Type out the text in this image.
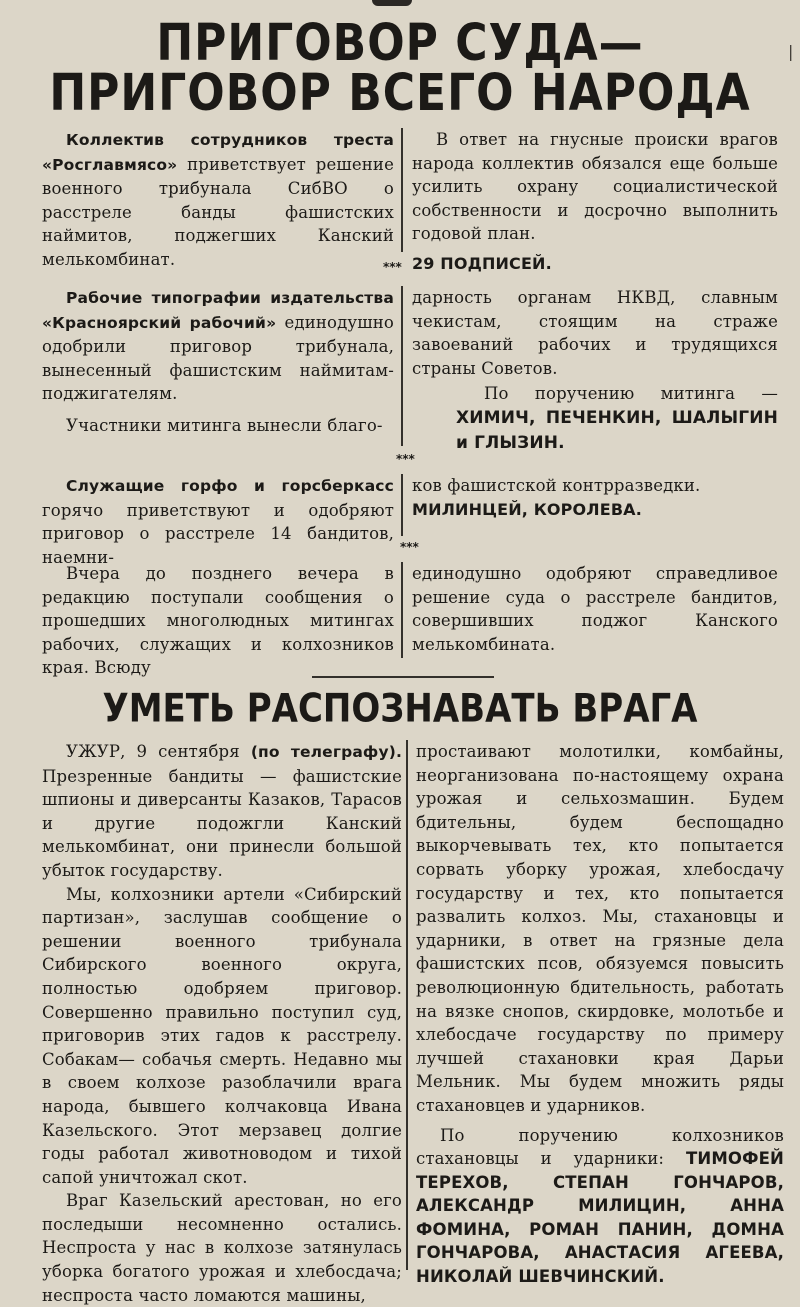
ПРИГОВОР СУДА—
ПРИГОВОР ВСЕГО НАРОДА

Коллектив сотрудников треста «Росглавмясо» приветствует решение военного трибунала СибВО о расстреле банды фашистских наймитов, поджегших Канский мелькомбинат.

В ответ на гнусные происки врагов народа коллектив обязался еще больше усилить охрану социалистической собственности и досрочно выполнить годовой план.

29 ПОДПИСЕЙ.

***

Рабочие типографии издательства «Красноярский рабочий» единодушно одобрили приговор трибунала, вынесенный фашистским наймитам-поджигателям.

Участники митинга вынесли благо-

дарность органам НКВД, славным чекистам, стоящим на страже завоеваний рабочих и трудящихся страны Советов.

По поручению митинга — ХИМИЧ, ПЕЧЕНКИН, ШАЛЫГИН и ГЛЫЗИН.

***

Служащие горфо и горсберкасс горячо приветствуют и одобряют приговор о расстреле 14 бандитов, наемни-

ков фашистской контрразведки.

МИЛИНЦЕЙ, КОРОЛЕВА.

***

Вчера до позднего вечера в редакцию поступали сообщения о прошедших многолюдных митингах рабочих, служащих и колхозников края. Всюду

единодушно одобряют справедливое решение суда о расстреле бандитов, совершивших поджог Канского мелькомбината.

УМЕТЬ РАСПОЗНАВАТЬ ВРАГА

УЖУР, 9 сентября (по телеграфу). Презренные бандиты — фашистские шпионы и диверсанты Казаков, Тарасов и другие подожгли Канский мелькомбинат, они принесли большой убыток государству.

Мы, колхозники артели «Сибирский партизан», заслушав сообщение о решении военного трибунала Сибирского военного округа, полностью одобряем приговор. Совершенно правильно поступил суд, приговорив этих гадов к расстрелу. Собакам— собачья смерть. Недавно мы в своем колхозе разоблачили врага народа, бывшего колчаковца Ивана Казельского. Этот мерзавец долгие годы работал животноводом и тихой сапой уничтожал скот.

Враг Казельский арестован, но его последыши несомненно остались. Неспроста у нас в колхозе затянулась уборка богатого урожая и хлебосдача; неспроста часто ломаются машины,

простаивают молотилки, комбайны, неорганизована по-настоящему охрана урожая и сельхозмашин. Будем бдительны, будем беспощадно выкорчевывать тех, кто попытается сорвать уборку урожая, хлебосдачу государству и тех, кто попытается развалить колхоз. Мы, стахановцы и ударники, в ответ на грязные дела фашистских псов, обязуемся повысить революционную бдительность, работать на вязке снопов, скирдовке, молотьбе и хлебосдаче государству по примеру лучшей стахановки края Дарьи Мельник. Мы будем множить ряды стахановцев и ударников.

По поручению колхозников стахановцы и ударники: ТИМОФЕЙ ТЕРЕХОВ, СТЕПАН ГОНЧАРОВ, АЛЕКСАНДР МИЛИЦИН, АННА ФОМИНА, РОМАН ПАНИН, ДОМНА ГОНЧАРОВА, АНАСТАСИЯ АГЕЕВА, НИКОЛАЙ ШЕВЧИНСКИЙ.

|
